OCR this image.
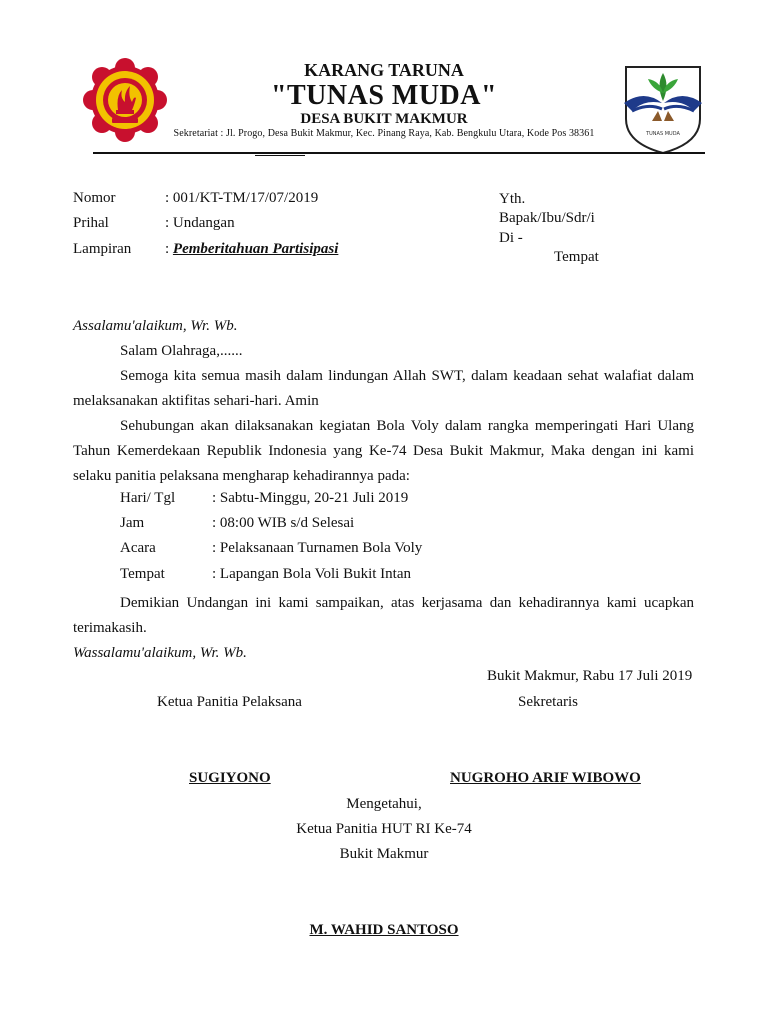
TUNAS MUDA
KARANG TARUNA
"TUNAS MUDA"
DESA BUKIT MAKMUR
Sekretariat : Jl. Progo, Desa Bukit Makmur, Kec. Pinang Raya, Kab. Bengkulu Utara, Kode Pos 38361
Nomor	: 001/KT-TM/17/07/2019
Prihal	: Undangan
Lampiran : Pemberitahuan Partisipasi
Yth.
Bapak/Ibu/Sdr/i
Di -
Tempat
Assalamu'alaikum, Wr. Wb.
Salam Olahraga,......
Semoga kita semua masih dalam lindungan Allah SWT, dalam keadaan sehat walafiat dalam
melaksanakan aktifitas sehari-hari. Amin
Sehubungan akan dilaksanakan kegiatan Bola Voly dalam rangka memperingati Hari Ulang
Tahun Kemerdekaan Republik Indonesia yang Ke-74 Desa Bukit Makmur, Maka dengan ini kami
selaku panitia pelaksana mengharap kehadirannya pada:
Hari/ Tgl : Sabtu-Minggu, 20-21 Juli 2019
Jam	: 08:00 WIB s/d Selesai
Acara	: Pelaksanaan Turnamen Bola Voly
Tempat	: Lapangan Bola Voli Bukit Intan
Demikian Undangan ini kami sampaikan, atas kerjasama dan kehadirannya kami ucapkan
terimakasih.
Wassalamu'alaikum, Wr. Wb.
Bukit Makmur, Rabu 17 Juli 2019
Ketua Panitia Pelaksana	Sekretaris
SUGIYONO	NUGROHO ARIF WIBOWO
Mengetahui,
Ketua Panitia HUT RI Ke-74
Bukit Makmur
M. WAHID SANTOSO
